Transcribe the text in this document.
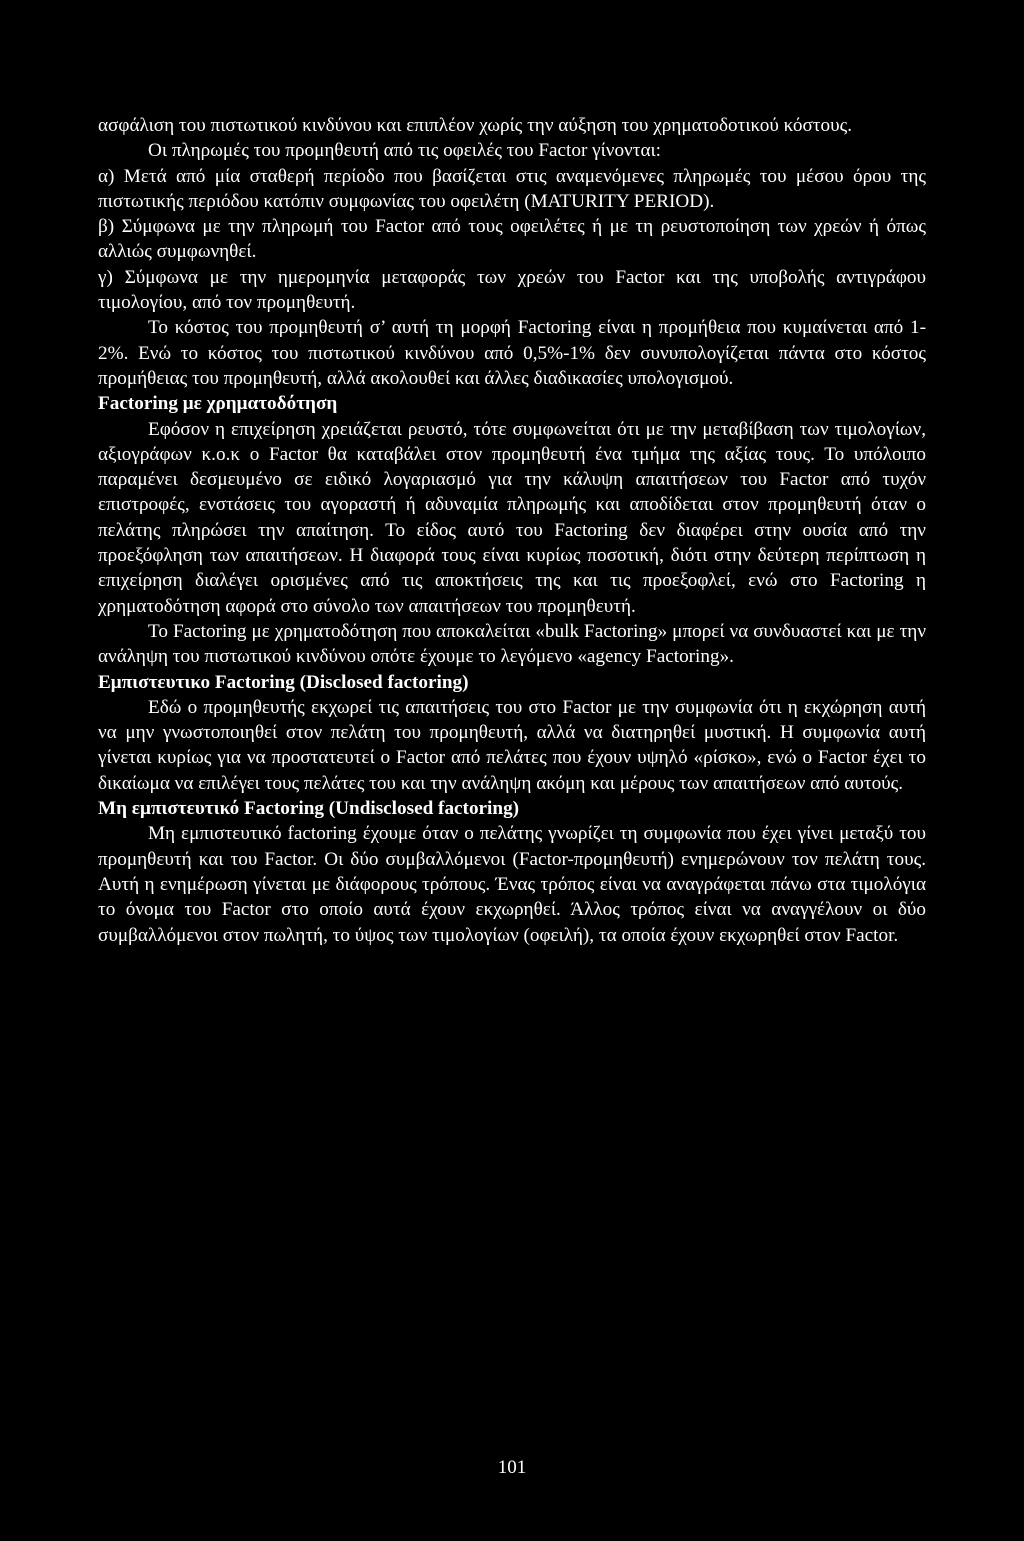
ασφάλιση του πιστωτικού κινδύνου και επιπλέον χωρίς την αύξηση του χρηματοδοτικού κόστους.

Οι πληρωμές του προμηθευτή από τις οφειλές του Factor γίνονται:

α) Μετά από μία σταθερή περίοδο που βασίζεται στις αναμενόμενες πληρωμές του μέσου όρου της πιστωτικής περιόδου κατόπιν συμφωνίας του οφειλέτη (MATURITY PERIOD).

β) Σύμφωνα με την πληρωμή του Factor από τους οφειλέτες ή με τη ρευστοποίηση των χρεών ή όπως αλλιώς συμφωνηθεί.

γ) Σύμφωνα με την ημερομηνία μεταφοράς των χρεών του Factor και της υποβολής αντιγράφου τιμολογίου, από τον προμηθευτή.

Το κόστος του προμηθευτή σ’ αυτή τη μορφή Factoring είναι η προμήθεια που κυμαίνεται από 1-2%. Ενώ το κόστος του πιστωτικού κινδύνου από 0,5%-1% δεν συνυπολογίζεται πάντα στο κόστος προμήθειας του προμηθευτή, αλλά ακολουθεί και άλλες διαδικασίες υπολογισμού.

Factoring με χρηματοδότηση

Εφόσον η επιχείρηση χρειάζεται ρευστό, τότε συμφωνείται ότι με την μεταβίβαση των τιμολογίων, αξιογράφων κ.ο.κ ο Factor θα καταβάλει στον προμηθευτή ένα τμήμα της αξίας τους. Το υπόλοιπο παραμένει δεσμευμένο σε ειδικό λογαριασμό για την κάλυψη απαιτήσεων του Factor από τυχόν επιστροφές, ενστάσεις του αγοραστή ή αδυναμία πληρωμής και αποδίδεται στον προμηθευτή όταν ο πελάτης πληρώσει την απαίτηση. Το είδος αυτό του Factoring δεν διαφέρει στην ουσία από την προεξόφληση των απαιτήσεων. Η διαφορά τους είναι κυρίως ποσοτική, διότι στην δεύτερη περίπτωση η επιχείρηση διαλέγει ορισμένες από τις αποκτήσεις της και τις προεξοφλεί, ενώ στο Factoring η χρηματοδότηση αφορά στο σύνολο των απαιτήσεων του προμηθευτή.

Το Factoring με χρηματοδότηση που αποκαλείται «bulk Factoring» μπορεί να συνδυαστεί και με την ανάληψη του πιστωτικού κινδύνου οπότε έχουμε το λεγόμενο «agency Factoring».

Εμπιστευτικο Factoring (Disclosed factoring)

Εδώ ο προμηθευτής εκχωρεί τις απαιτήσεις του στο Factor με την συμφωνία ότι η εκχώρηση αυτή να μην γνωστοποιηθεί στον πελάτη του προμηθευτή, αλλά να διατηρηθεί μυστική. Η συμφωνία αυτή γίνεται κυρίως για να προστατευτεί ο Factor από πελάτες που έχουν υψηλό «ρίσκο», ενώ ο Factor έχει το δικαίωμα να επιλέγει τους πελάτες του και την ανάληψη ακόμη και μέρους των απαιτήσεων από αυτούς.

Μη εμπιστευτικό Factoring (Undisclosed factoring)

Μη εμπιστευτικό factoring έχουμε όταν ο πελάτης γνωρίζει τη συμφωνία που έχει γίνει μεταξύ του προμηθευτή και του Factor. Οι δύο συμβαλλόμενοι (Factor-προμηθευτή) ενημερώνουν τον πελάτη τους. Αυτή η ενημέρωση γίνεται με διάφορους τρόπους. Ένας τρόπος είναι να αναγράφεται πάνω στα τιμολόγια το όνομα του Factor στο οποίο αυτά έχουν εκχωρηθεί. Άλλος τρόπος είναι να αναγγέλουν οι δύο συμβαλλόμενοι στον πωλητή, το ύψος των τιμολογίων (οφειλή), τα οποία έχουν εκχωρηθεί στον Factor.

101
